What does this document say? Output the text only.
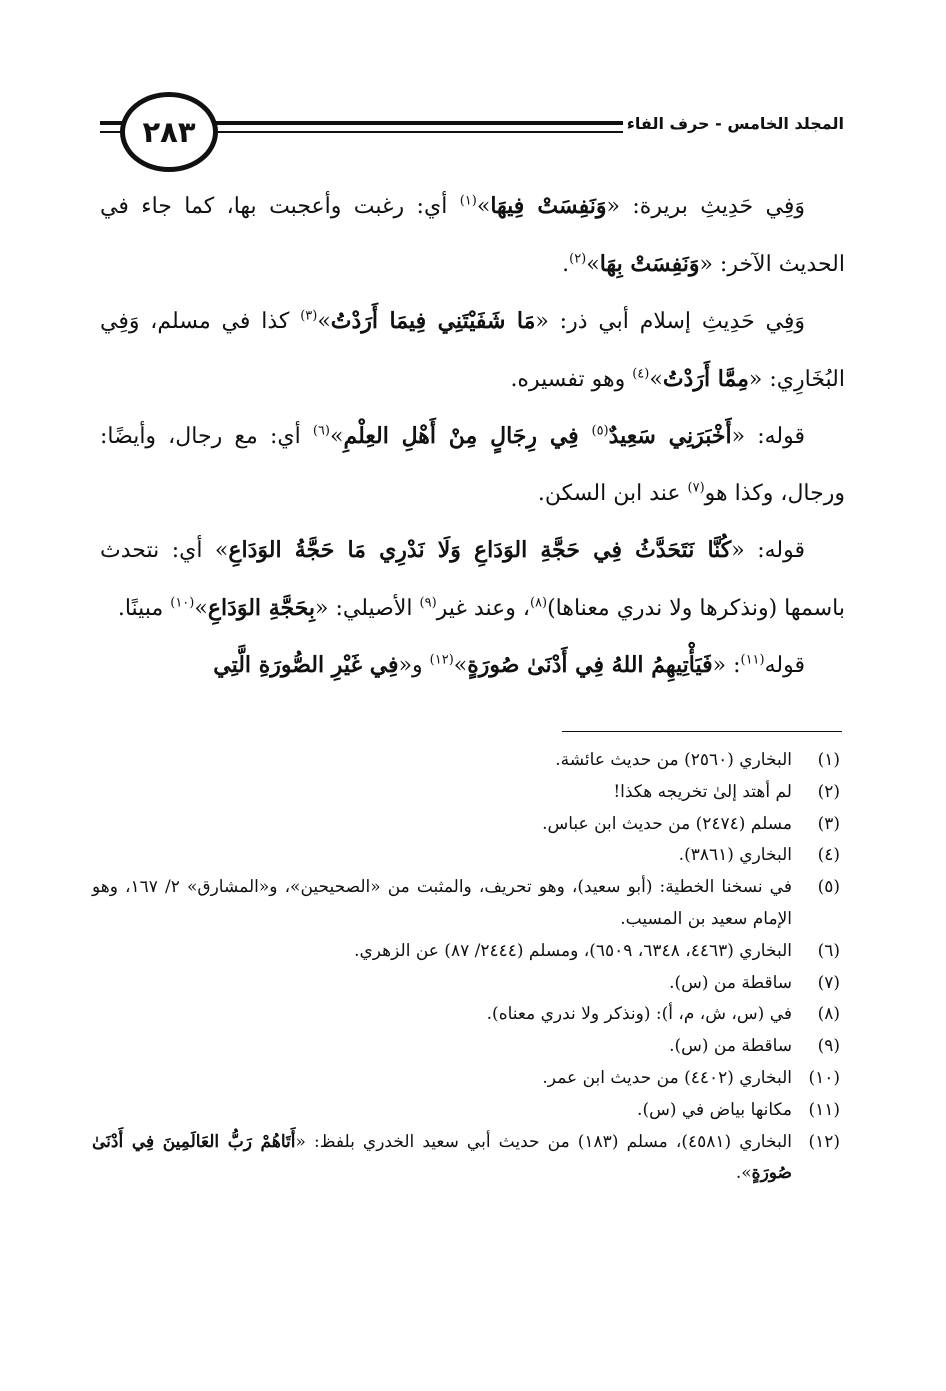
المجلد الخامس - حرف الفاء
٢٨٣

وَفِي حَدِيثِ بريرة: «وَنَفِسَتْ فِيهَا»$^{(١)}$ أي: رغبت وأعجبت بها، كما جاء في الحديث الآخر: «وَنَفِسَتْ بِهَا»$^{(٢)}$.

وَفِي حَدِيثِ إسلام أبي ذر: «مَا شَفَيْتَنِي فِيمَا أَرَدْتُ»$^{(٣)}$ كذا في مسلم، وَفِي البُخَارِي: «مِمَّا أَرَدْتُ»$^{(٤)}$ وهو تفسيره.

قوله: «أَخْبَرَنِي سَعِيدٌ$^{(٥)}$ فِي رِجَالٍ مِنْ أَهْلِ العِلْمِ»$^{(٦)}$ أي: مع رجال، وأيضًا: ورجال، وكذا هو$^{(٧)}$ عند ابن السكن.

قوله: «كُنَّا نَتَحَدَّثُ فِي حَجَّةِ الوَدَاعِ وَلَا نَدْرِي مَا حَجَّةُ الوَدَاعِ» أي: نتحدث باسمها (ونذكرها ولا ندري معناها)$^{(٨)}$، وعند غير$^{(٩)}$ الأصيلي: «بِحَجَّةِ الوَدَاعِ»$^{(١٠)}$ مبينًا.

قوله$^{(١١)}$: «فَيَأْتِيهِمُ اللهُ فِي أَدْنَىٰ صُورَةٍ»$^{(١٢)}$ و«فِي غَيْرِ الصُّورَةِ الَّتِي

(١)
البخاري (٢٥٦٠) من حديث عائشة.
(٢)
لم أهتد إلىٰ تخريجه هكذا!
(٣)
مسلم (٢٤٧٤) من حديث ابن عباس.
(٤)
البخاري (٣٨٦١).
(٥)
في نسخنا الخطية: (أبو سعيد)، وهو تحريف، والمثبت من «الصحيحين»، و«المشارق» ٢/ ١٦٧، وهو الإمام سعيد بن المسيب.
(٦)
البخاري (٤٤٦٣، ٦٣٤٨، ٦٥٠٩)، ومسلم (٢٤٤٤/ ٨٧) عن الزهري.
(٧)
ساقطة من (س).
(٨)
في (س، ش، م، أ): (ونذكر ولا ندري معناه).
(٩)
ساقطة من (س).
(١٠)
البخاري (٤٤٠٢) من حديث ابن عمر.
(١١)
مكانها بياض في (س).
(١٢)
البخاري (٤٥٨١)، مسلم (١٨٣) من حديث أبي سعيد الخدري بلفظ: «أَتَاهُمْ رَبُّ العَالَمِينَ فِي أَدْنَىٰ صُورَةٍ».
